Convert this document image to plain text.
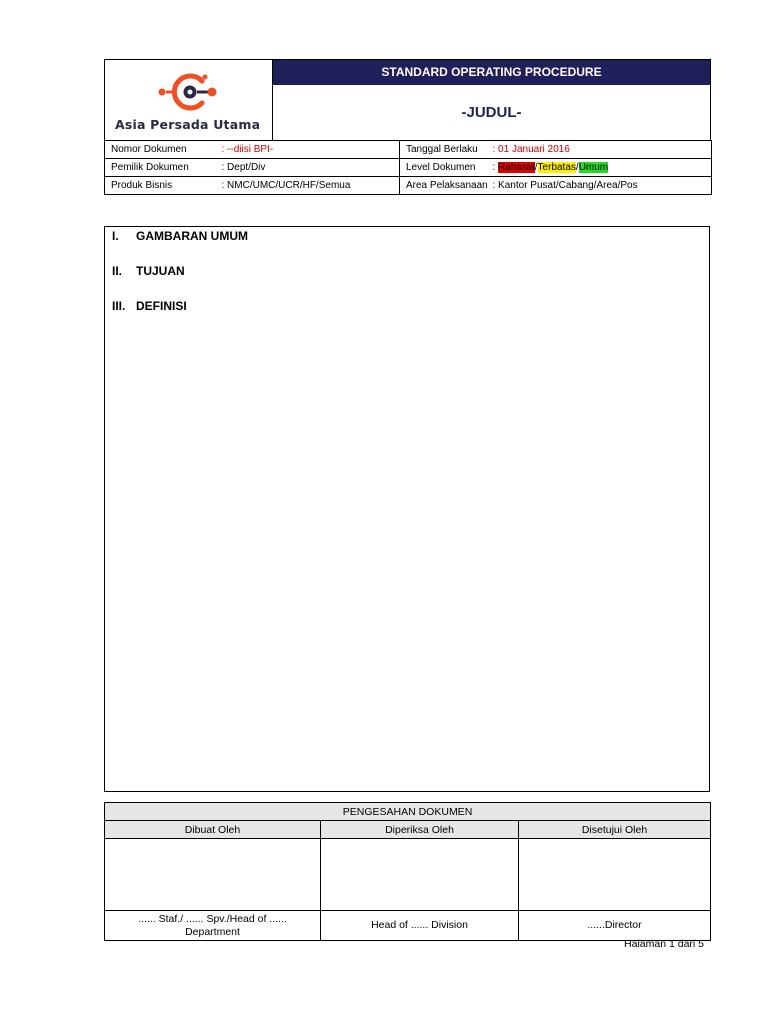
Asia Persada Utama
STANDARD OPERATING PROCEDURE
-JUDUL-
Nomor Dokumen	: --diisi BPI-	Tanggal Berlaku	: 01 Januari 2016
Pemilik Dokumen	: Dept/Div	Level Dokumen	: Rahasia/Terbatas/Umum
Produk Bisnis	: NMC/UMC/UCR/HF/Semua	Area Pelaksanaan	: Kantor Pusat/Cabang/Area/Pos
I. GAMBARAN UMUM
II. TUJUAN
III. DEFINISI
PENGESAHAN DOKUMEN		
Dibuat Oleh	Diperiksa Oleh	Disetujui Oleh

...... Staf./ ...... Spv./Head of ......
Department	Head of ...... Division	......Director
Halaman 1 dari 5
